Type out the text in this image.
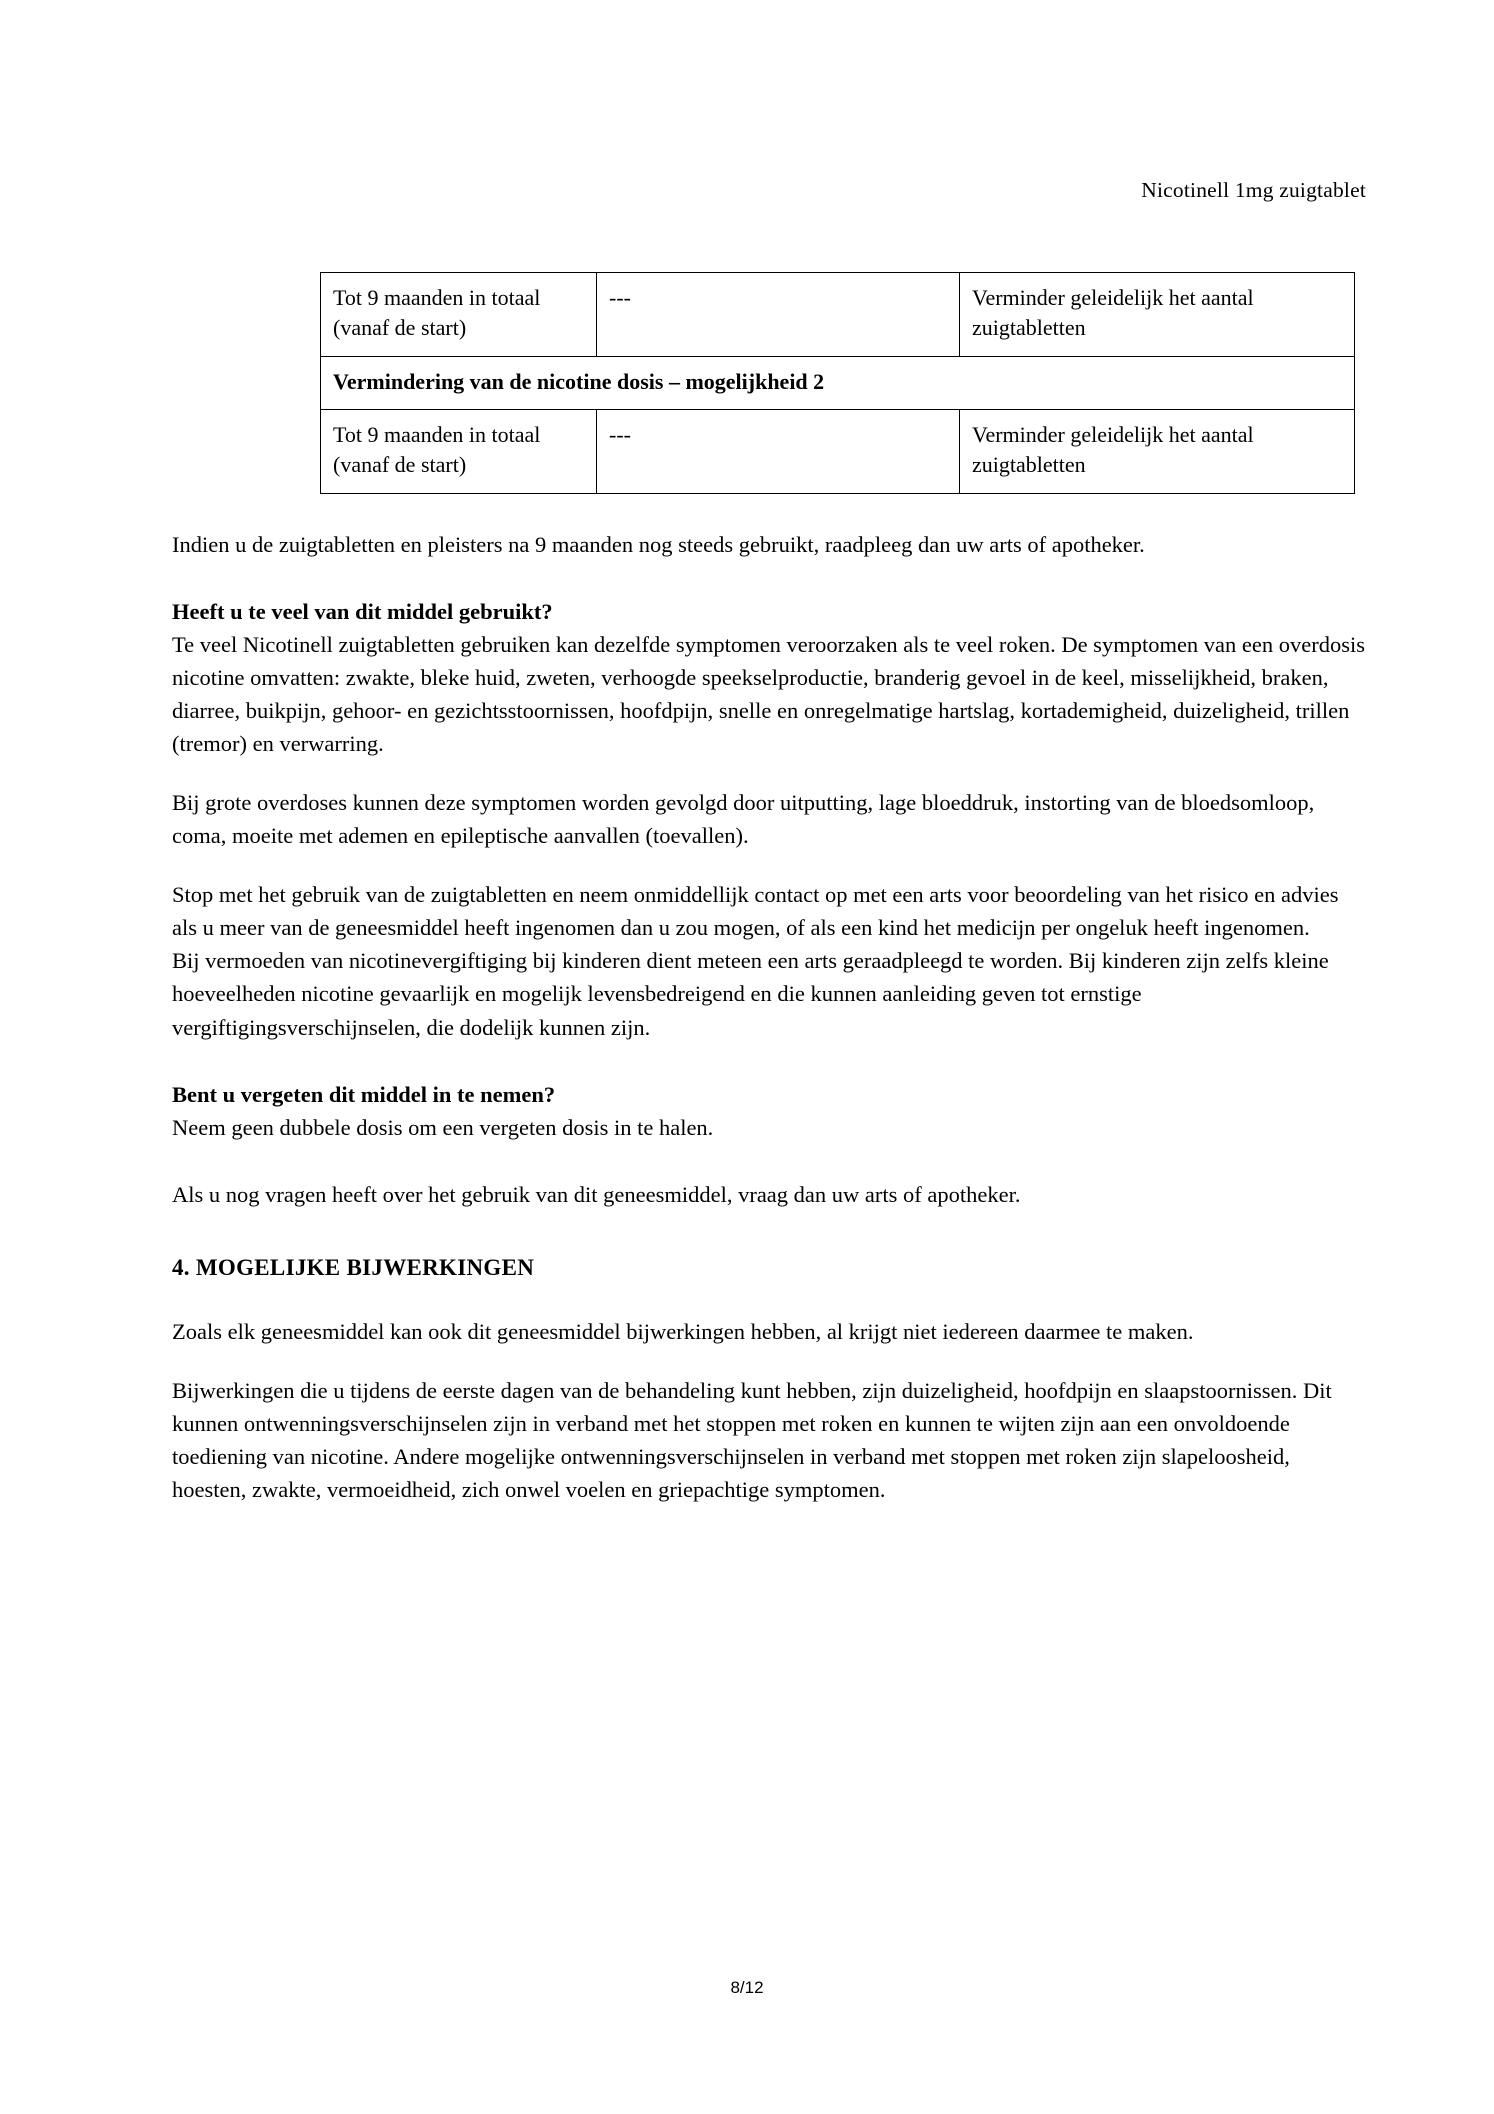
Nicotinell 1mg zuigtablet
Tot 9 maanden in totaal (vanaf de start)	---	Verminder geleidelijk het aantal zuigtabletten
Vermindering van de nicotine dosis – mogelijkheid 2		
Tot 9 maanden in totaal (vanaf de start)	---	Verminder geleidelijk het aantal zuigtabletten

Indien u de zuigtabletten en pleisters na 9 maanden nog steeds gebruikt, raadpleeg dan uw arts of apotheker.

Heeft u te veel van dit middel gebruikt?

Te veel Nicotinell zuigtabletten gebruiken kan dezelfde symptomen veroorzaken als te veel roken. De symptomen van een overdosis nicotine omvatten: zwakte, bleke huid, zweten, verhoogde speekselproductie, branderig gevoel in de keel, misselijkheid, braken, diarree, buikpijn, gehoor- en gezichtsstoornissen, hoofdpijn, snelle en onregelmatige hartslag, kortademigheid, duizeligheid, trillen (tremor) en verwarring.

Bij grote overdoses kunnen deze symptomen worden gevolgd door uitputting, lage bloeddruk, instorting van de bloedsomloop, coma, moeite met ademen en epileptische aanvallen (toevallen).

Stop met het gebruik van de zuigtabletten en neem onmiddellijk contact op met een arts voor beoordeling van het risico en advies als u meer van de geneesmiddel heeft ingenomen dan u zou mogen, of als een kind het medicijn per ongeluk heeft ingenomen.

Bij vermoeden van nicotinevergiftiging bij kinderen dient meteen een arts geraadpleegd te worden. Bij kinderen zijn zelfs kleine hoeveelheden nicotine gevaarlijk en mogelijk levensbedreigend en die kunnen aanleiding geven tot ernstige vergiftigingsverschijnselen, die dodelijk kunnen zijn.

Bent u vergeten dit middel in te nemen?

Neem geen dubbele dosis om een vergeten dosis in te halen.

Als u nog vragen heeft over het gebruik van dit geneesmiddel, vraag dan uw arts of apotheker.

4. MOGELIJKE BIJWERKINGEN

Zoals elk geneesmiddel kan ook dit geneesmiddel bijwerkingen hebben, al krijgt niet iedereen daarmee te maken.

Bijwerkingen die u tijdens de eerste dagen van de behandeling kunt hebben, zijn duizeligheid, hoofdpijn en slaapstoornissen. Dit kunnen ontwenningsverschijnselen zijn in verband met het stoppen met roken en kunnen te wijten zijn aan een onvoldoende toediening van nicotine. Andere mogelijke ontwenningsverschijnselen in verband met stoppen met roken zijn slapeloosheid, hoesten, zwakte, vermoeidheid, zich onwel voelen en griepachtige symptomen.

8/12
